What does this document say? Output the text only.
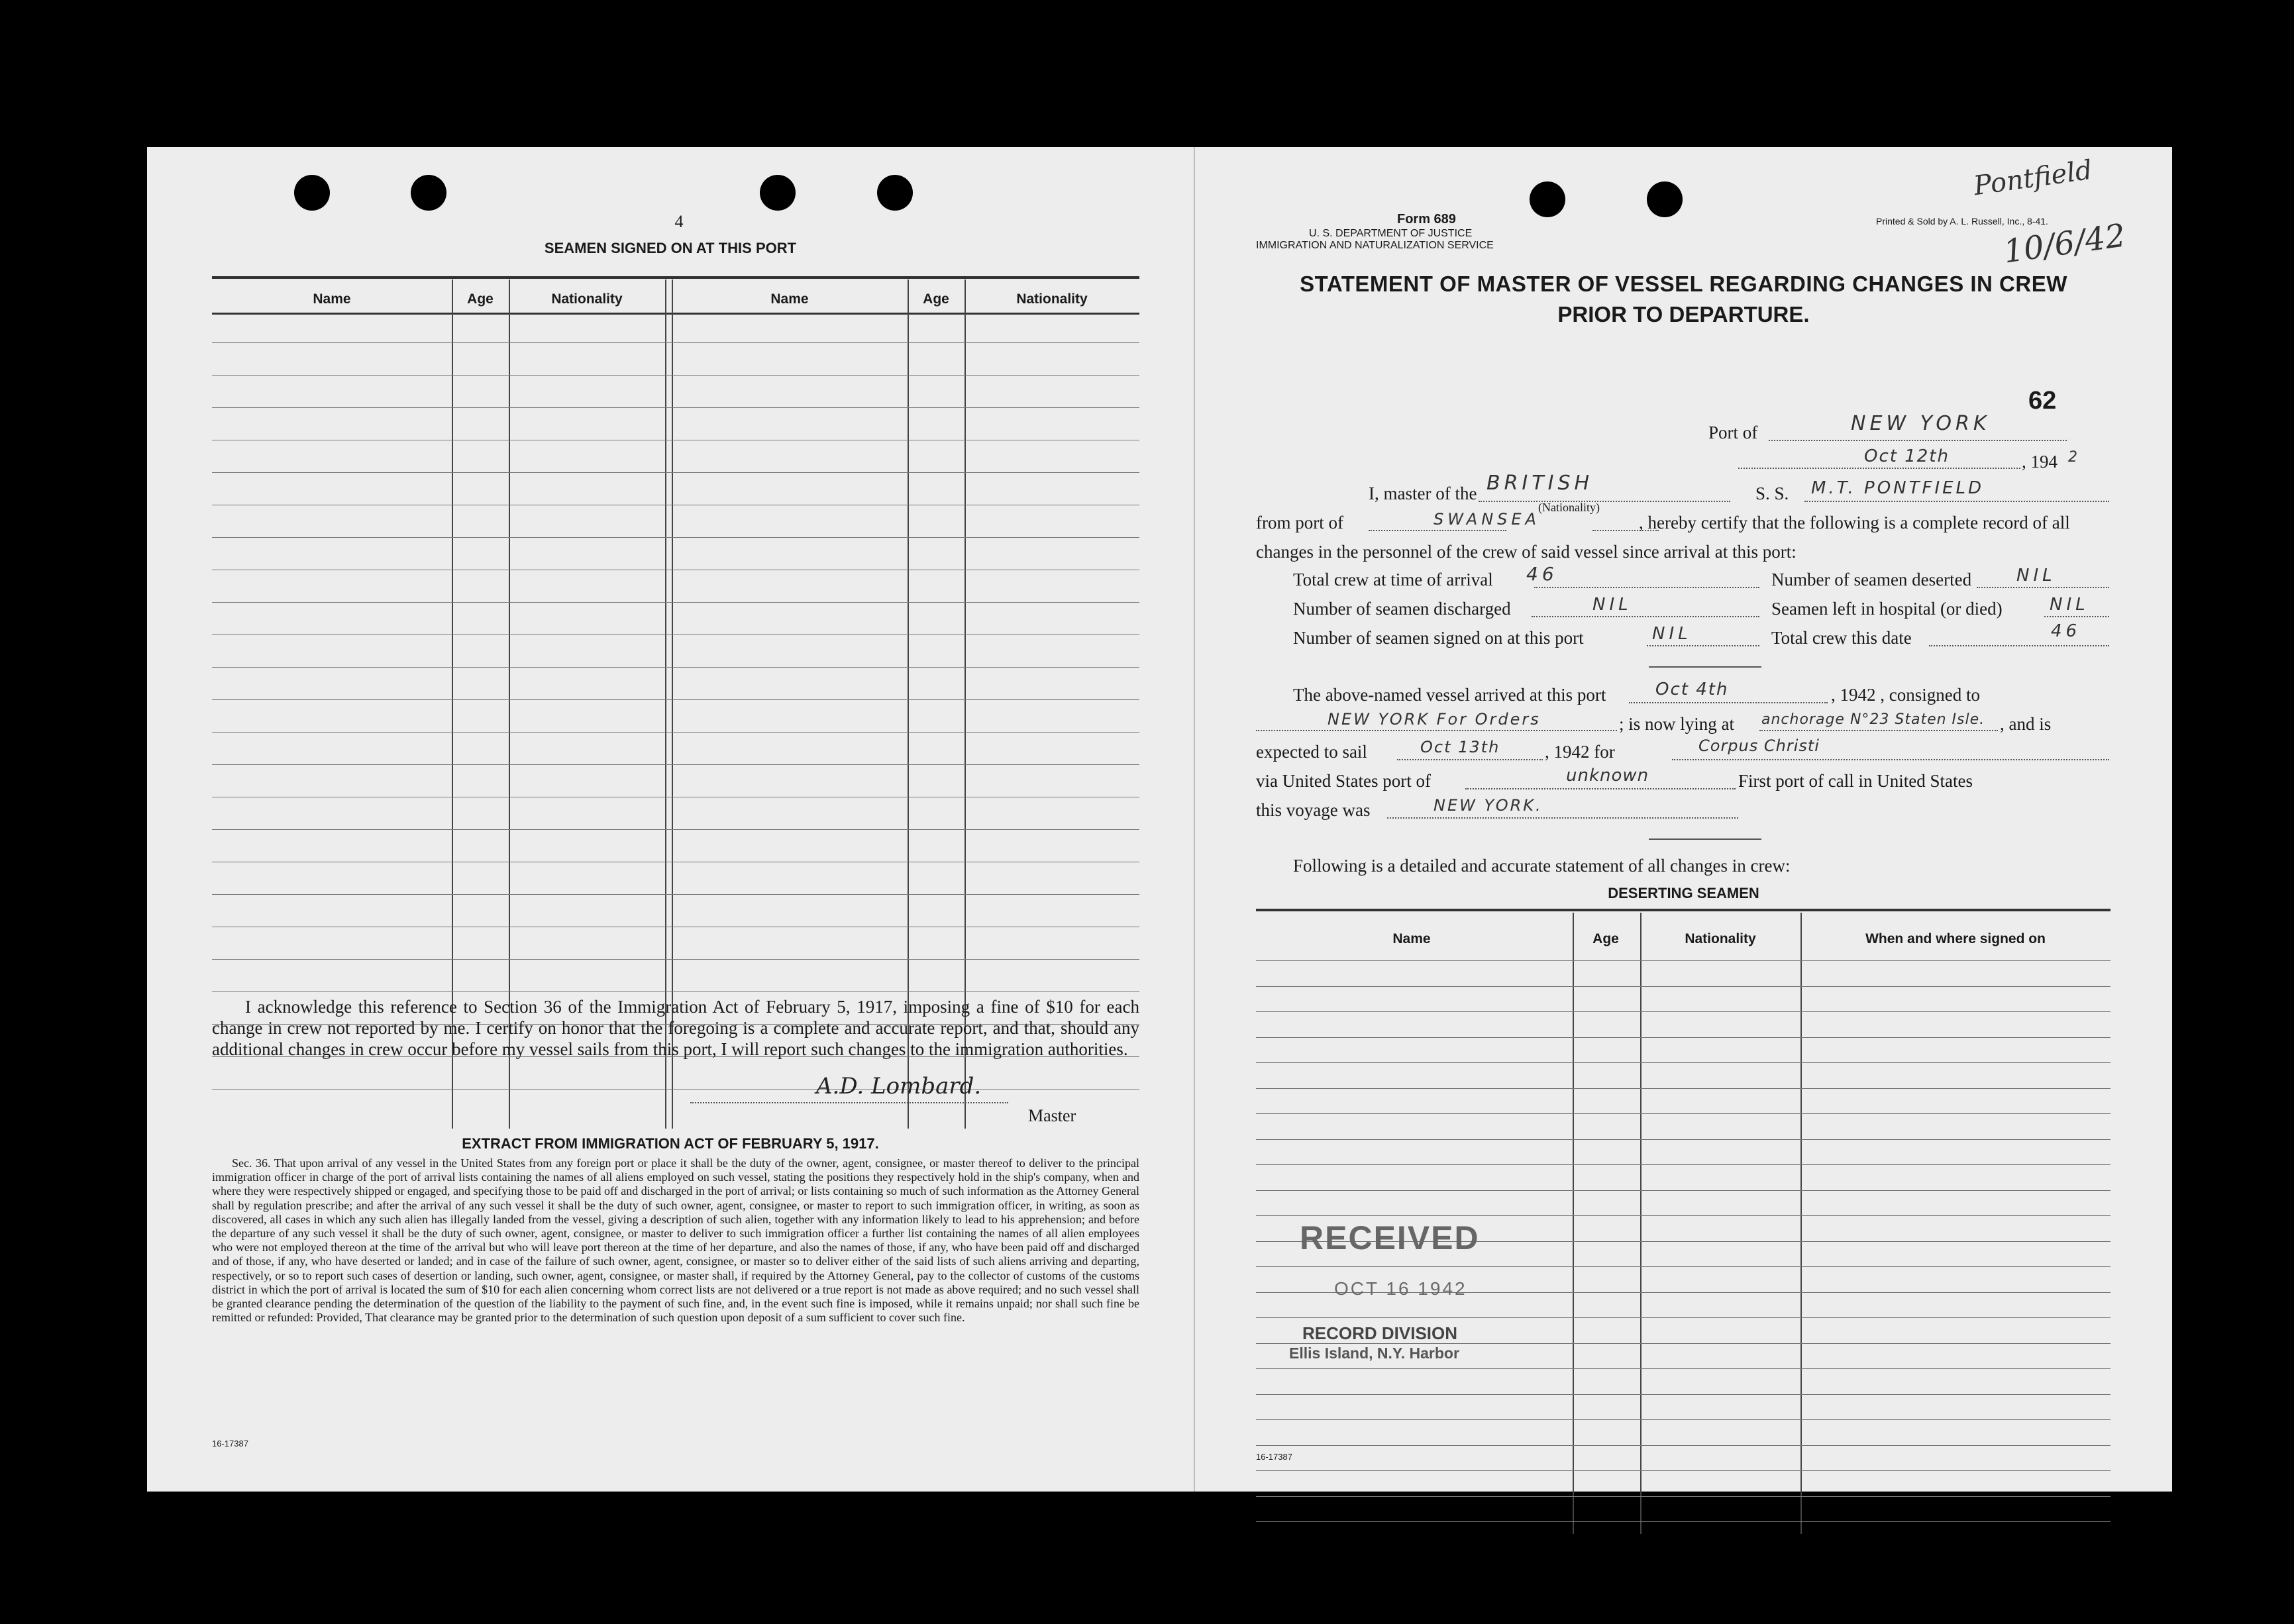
4
SEAMEN SIGNED ON AT THIS PORT
Name	Age	Nationality	Name	Age	Nationality
I acknowledge this reference to Section 36 of the Immigration Act of February 5, 1917, imposing a fine of $10 for each change in crew not reported by me. I certify on honor that the foregoing is a complete and accurate report, and that, should any additional changes in crew occur before my vessel sails from this port, I will report such changes to the immigration authorities.
A.D. Lombard.
Master
EXTRACT FROM IMMIGRATION ACT OF FEBRUARY 5, 1917.
Sec. 36. That upon arrival of any vessel in the United States from any foreign port or place it shall be the duty of the owner, agent, consignee, or master thereof to deliver to the principal immigration officer in charge of the port of arrival lists containing the names of all aliens employed on such vessel, stating the positions they respectively hold in the ship's company, when and where they were respectively shipped or engaged, and specifying those to be paid off and discharged in the port of arrival; or lists containing so much of such information as the Attorney General shall by regulation prescribe; and after the arrival of any such vessel it shall be the duty of such owner, agent, consignee, or master to report to such immigration officer, in writing, as soon as discovered, all cases in which any such alien has illegally landed from the vessel, giving a description of such alien, together with any information likely to lead to his apprehension; and before the departure of any such vessel it shall be the duty of such owner, agent, consignee, or master to deliver to such immigration officer a further list containing the names of all alien employees who were not employed thereon at the time of the arrival but who will leave port thereon at the time of her departure, and also the names of those, if any, who have been paid off and discharged and of those, if any, who have deserted or landed; and in case of the failure of such owner, agent, consignee, or master so to deliver either of the said lists of such aliens arriving and departing, respectively, or so to report such cases of desertion or landing, such owner, agent, consignee, or master shall, if required by the Attorney General, pay to the collector of customs of the customs district in which the port of arrival is located the sum of $10 for each alien concerning whom correct lists are not delivered or a true report is not made as above required; and no such vessel shall be granted clearance pending the determination of the question of the liability to the payment of such fine, and, in the event such fine is imposed, while it remains unpaid; nor shall such fine be remitted or refunded: Provided, That clearance may be granted prior to the determination of such question upon deposit of a sum sufficient to cover such fine.
16-17387
Form 689
U. S. DEPARTMENT OF JUSTICE
IMMIGRATION AND NATURALIZATION SERVICE
Printed & Sold by A. L. Russell, Inc., 8-41.
Pontfield
10/6/42
STATEMENT OF MASTER OF VESSEL REGARDING CHANGES IN CREW
PRIOR TO DEPARTURE.
62
Port of	NEW YORK
Oct 12th	, 194 2
I, master of the BRITISH	S. S. M.T. PONTFIELD
(Nationality)
from port of	SWANSEA	, hereby certify that the following is a complete record of all
changes in the personnel of the crew of said vessel since arrival at this port:
Total crew at time of arrival 46	Number of seamen deserted	NIL
Number of seamen discharged	NIL	Seamen left in hospital (or died)	NIL
Number of seamen signed on at this port	NIL	Total crew this date	46
The above-named vessel arrived at this port	Oct 4th	, 1942 , consigned to
NEW YORK For Orders	; is now lying at anchorage N°23 Staten Isle. , and is
expected to sail	Oct 13th	, 1942 for	Corpus Christi
via United States port of	unknown	First port of call in United States
this voyage was	NEW YORK.
Following is a detailed and accurate statement of all changes in crew:
DESERTING SEAMEN
Name	Age	Nationality	When and where signed on
RECEIVED
OCT 16 1942
RECORD DIVISION
Ellis Island, N.Y. Harbor
16-17387
